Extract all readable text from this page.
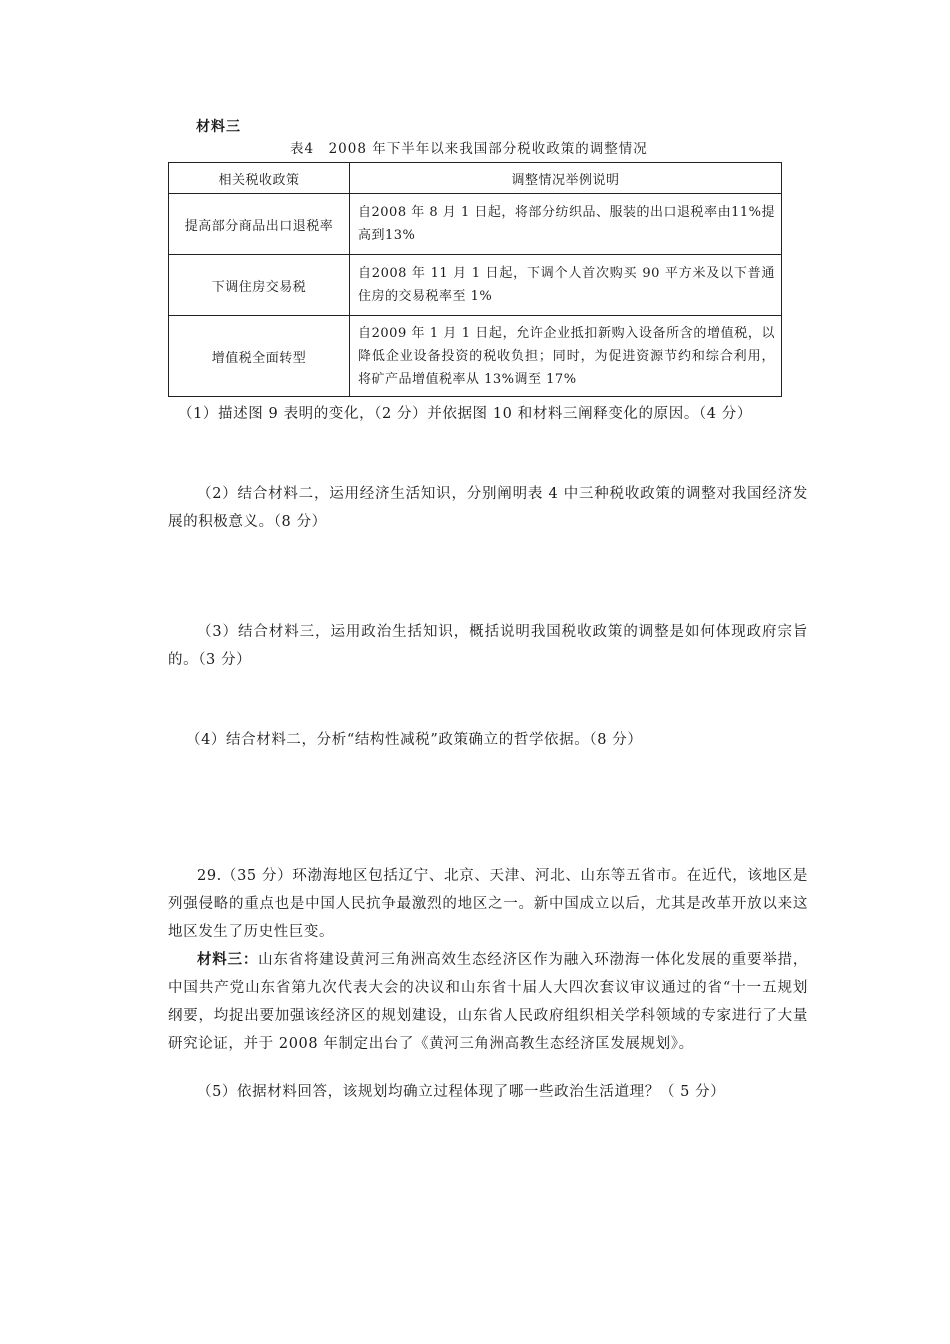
材料三
表4　2008 年下半年以来我国部分税收政策的调整情况
相关税收政策	调整情况举例说明
提高部分商品出口退税率	自2008 年 8 月 1 日起，将部分纺织品、服装的出口退税率由11%提高到13%
下调住房交易税	自2008 年 11 月 1 日起，下调个人首次购买 90 平方米及以下普通住房的交易税率至 1%
增值税全面转型	自2009 年 1 月 1 日起，允许企业抵扣新购入设备所含的增值税，以降低企业设备投资的税收负担；同时，为促进资源节约和综合利用，将矿产品增值税率从 13%调至 17%
（1）描述图 9 表明的变化，（2 分）并依据图 10 和材料三阐释变化的原因。（4 分）
（2）结合材料二，运用经济生活知识，分别阐明表 4 中三种税收政策的调整对我国经济发展的积极意义。（8 分）
（3）结合材料三，运用政治生括知识，概括说明我国税收政策的调整是如何体现政府宗旨的。（3 分）
（4）结合材料二，分析“结构性减税”政策确立的哲学依据。（8 分）
29.（35 分）环渤海地区包括辽宁、北京、天津、河北、山东等五省市。在近代，该地区是列强侵略的重点也是中国人民抗争最激烈的地区之一。新中国成立以后，尤其是改革开放以来这地区发生了历史性巨变。
材料三：山东省将建设黄河三角洲高效生态经济区作为融入环渤海一体化发展的重要举措，中国共产党山东省第九次代表大会的决议和山东省十届人大四次套议审议通过的省“十一五规划纲要，均捉出要加强该经济区的规划建设，山东省人民政府组织相关学科领域的专家进行了大量研究论证，并于 2008 年制定出台了《黄河三角洲高教生态经济匡发展规划》。
（5）依据材料回答，该规划均确立过程体现了哪一些政治生活道理？（ 5 分）
